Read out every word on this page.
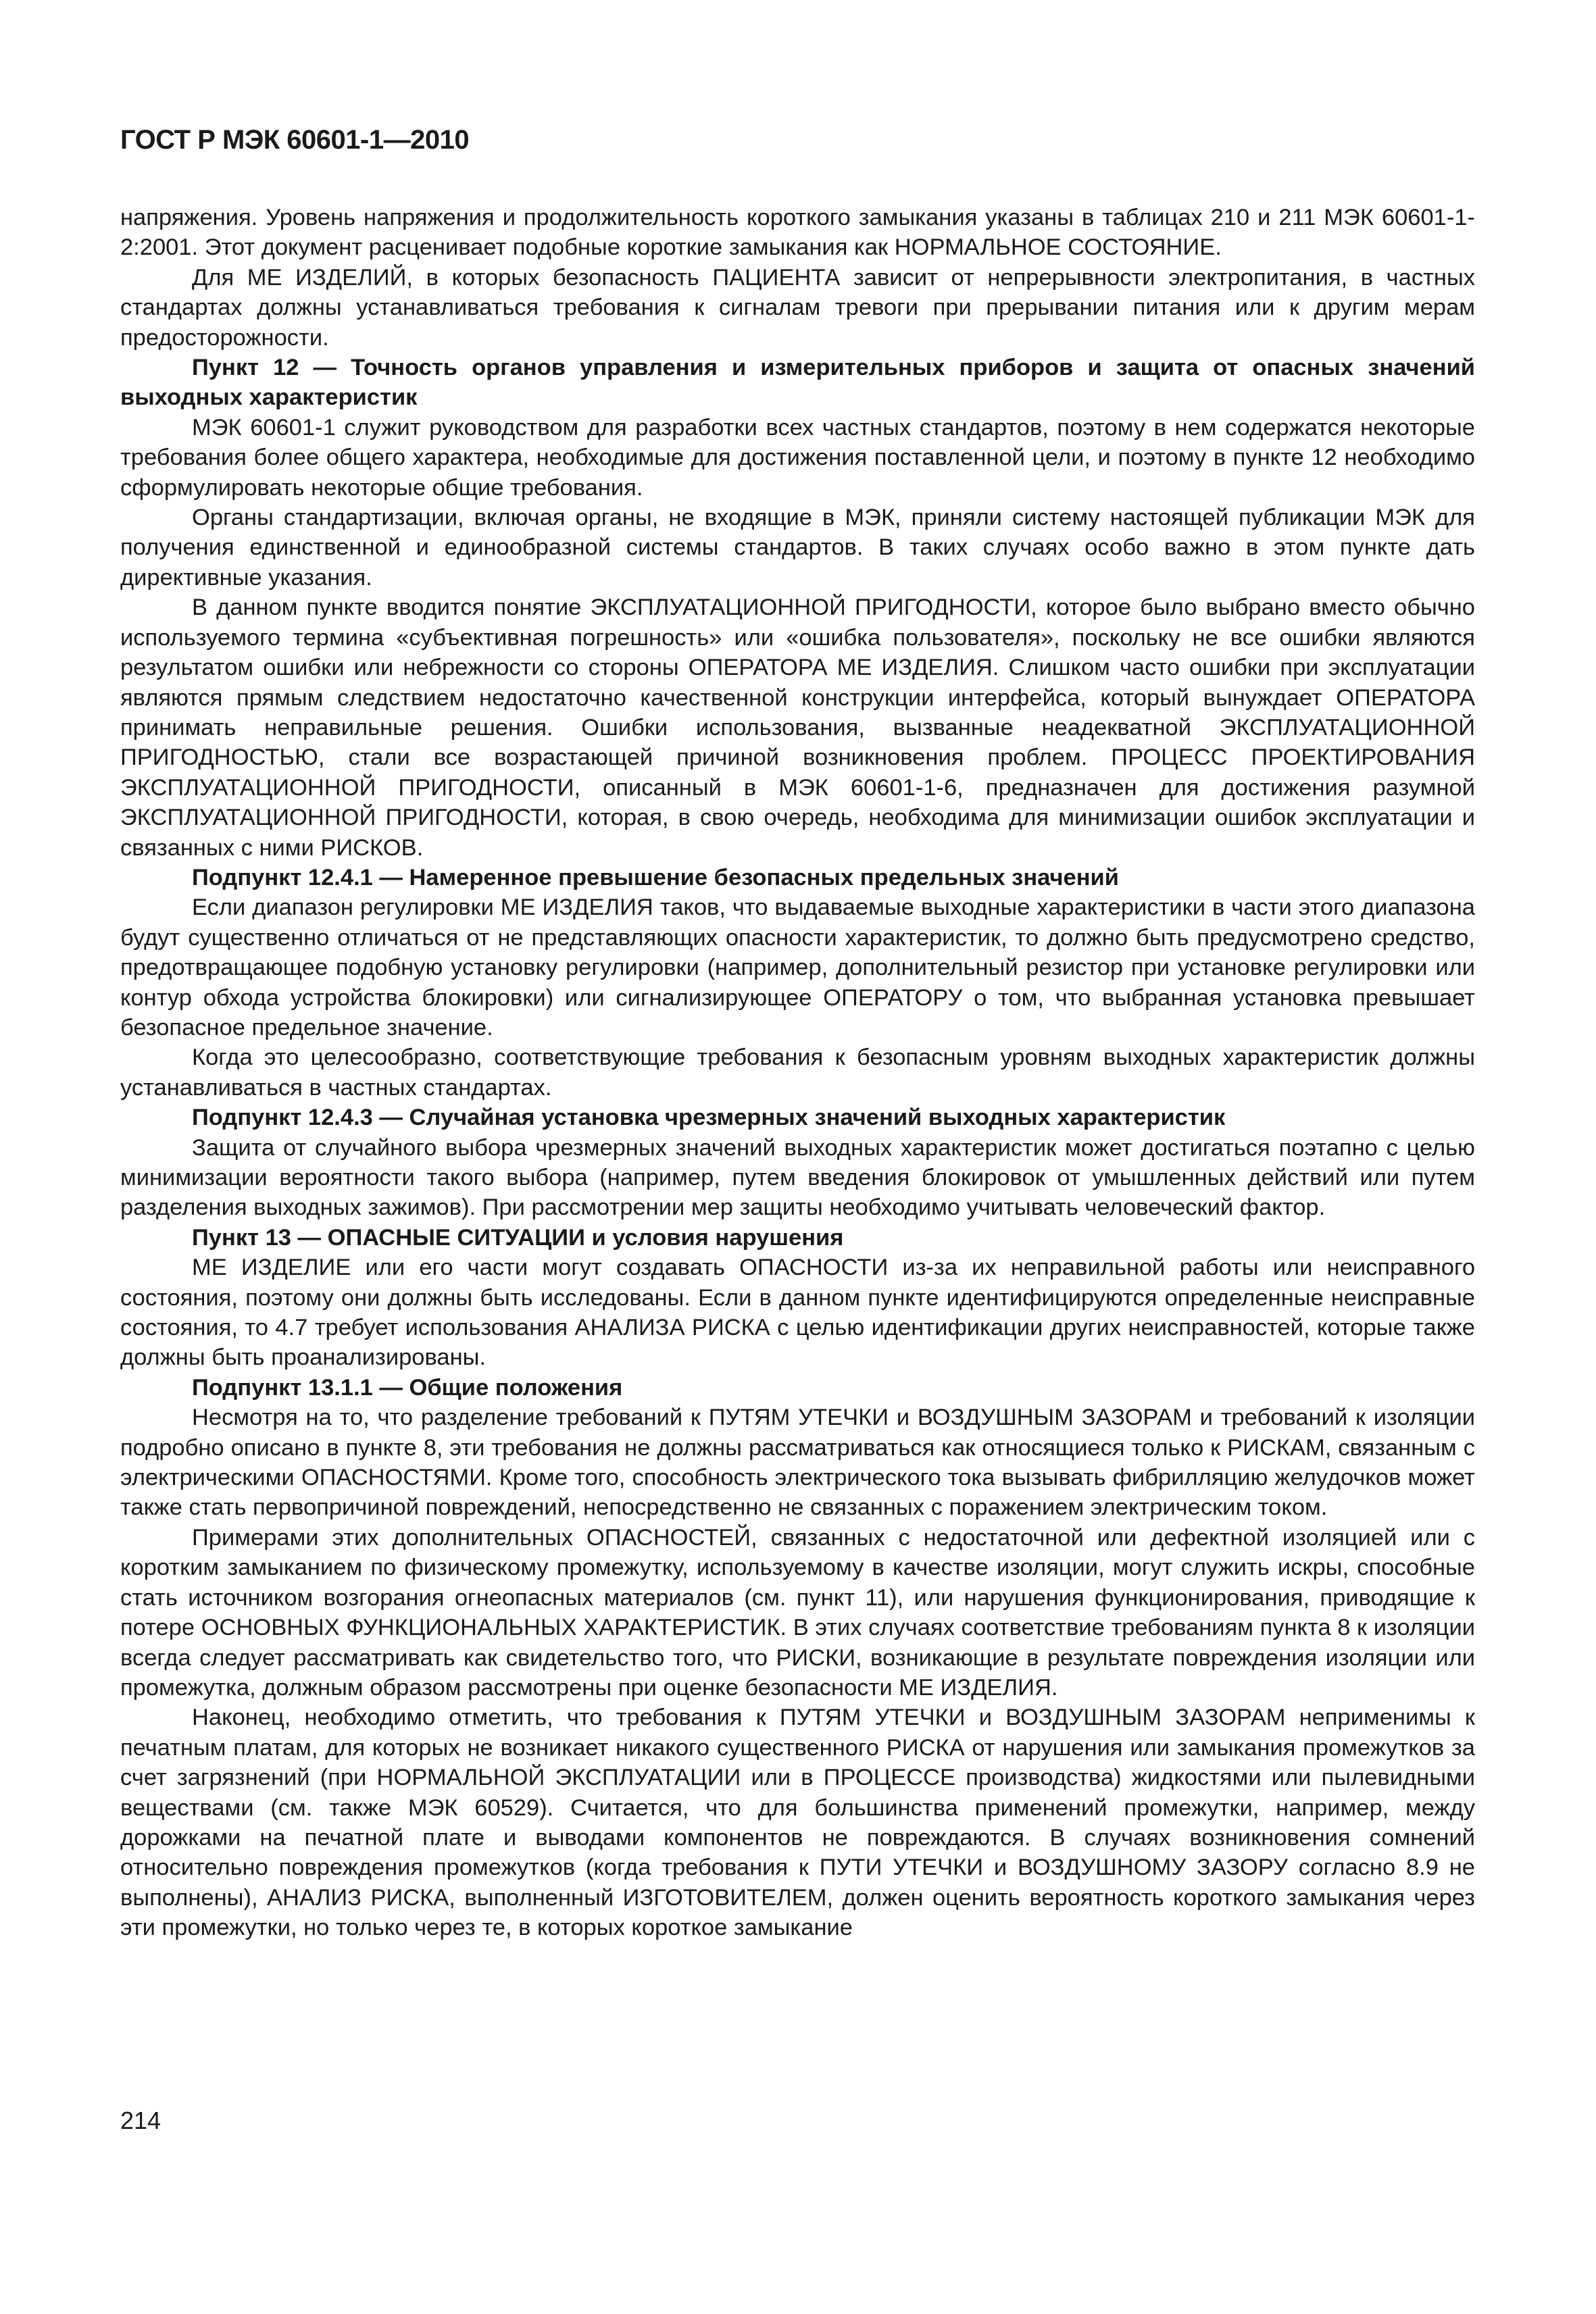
ГОСТ Р МЭК 60601-1—2010

напряжения. Уровень напряжения и продолжительность короткого замыкания указаны в таблицах 210 и 211 МЭК 60601-1-2:2001. Этот документ расценивает подобные короткие замыкания как НОРМАЛЬНОЕ СОСТОЯНИЕ.

Для ME ИЗДЕЛИЙ, в которых безопасность ПАЦИЕНТА зависит от непрерывности электропитания, в частных стандартах должны устанавливаться требования к сигналам тревоги при прерывании питания или к другим мерам предосторожности.

Пункт 12 — Точность органов управления и измерительных приборов и защита от опасных значений выходных характеристик

МЭК 60601-1 служит руководством для разработки всех частных стандартов, поэтому в нем содержатся некоторые требования более общего характера, необходимые для достижения поставленной цели, и поэтому в пункте 12 необходимо сформулировать некоторые общие требования.

Органы стандартизации, включая органы, не входящие в МЭК, приняли систему настоящей публикации МЭК для получения единственной и единообразной системы стандартов. В таких случаях особо важно в этом пункте дать директивные указания.

В данном пункте вводится понятие ЭКСПЛУАТАЦИОННОЙ ПРИГОДНОСТИ, которое было выбрано вместо обычно используемого термина «субъективная погрешность» или «ошибка пользователя», поскольку не все ошибки являются результатом ошибки или небрежности со стороны ОПЕРАТОРА ME ИЗДЕЛИЯ. Слишком часто ошибки при эксплуатации являются прямым следствием недостаточно качественной конструкции интерфейса, который вынуждает ОПЕРАТОРА принимать неправильные решения. Ошибки использования, вызванные неадекватной ЭКСПЛУАТАЦИОННОЙ ПРИГОДНОСТЬЮ, стали все возрастающей причиной возникновения проблем. ПРОЦЕСС ПРОЕКТИРОВАНИЯ ЭКСПЛУАТАЦИОННОЙ ПРИГОДНОСТИ, описанный в МЭК 60601-1-6, предназначен для достижения разумной ЭКСПЛУАТАЦИОННОЙ ПРИГОДНОСТИ, которая, в свою очередь, необходима для минимизации ошибок эксплуатации и связанных с ними РИСКОВ.

Подпункт 12.4.1 — Намеренное превышение безопасных предельных значений

Если диапазон регулировки ME ИЗДЕЛИЯ таков, что выдаваемые выходные характеристики в части этого диапазона будут существенно отличаться от не представляющих опасности характеристик, то должно быть предусмотрено средство, предотвращающее подобную установку регулировки (например, дополнительный резистор при установке регулировки или контур обхода устройства блокировки) или сигнализирующее ОПЕРАТОРУ о том, что выбранная установка превышает безопасное предельное значение.

Когда это целесообразно, соответствующие требования к безопасным уровням выходных характеристик должны устанавливаться в частных стандартах.

Подпункт 12.4.3 — Случайная установка чрезмерных значений выходных характеристик

Защита от случайного выбора чрезмерных значений выходных характеристик может достигаться поэтапно с целью минимизации вероятности такого выбора (например, путем введения блокировок от умышленных действий или путем разделения выходных зажимов). При рассмотрении мер защиты необходимо учитывать человеческий фактор.

Пункт 13 — ОПАСНЫЕ СИТУАЦИИ и условия нарушения

ME ИЗДЕЛИЕ или его части могут создавать ОПАСНОСТИ из-за их неправильной работы или неисправного состояния, поэтому они должны быть исследованы. Если в данном пункте идентифицируются определенные неисправные состояния, то 4.7 требует использования АНАЛИЗА РИСКА с целью идентификации других неисправностей, которые также должны быть проанализированы.

Подпункт 13.1.1 — Общие положения

Несмотря на то, что разделение требований к ПУТЯМ УТЕЧКИ и ВОЗДУШНЫМ ЗАЗОРАМ и требований к изоляции подробно описано в пункте 8, эти требования не должны рассматриваться как относящиеся только к РИСКАМ, связанным с электрическими ОПАСНОСТЯМИ. Кроме того, способность электрического тока вызывать фибрилляцию желудочков может также стать первопричиной повреждений, непосредственно не связанных с поражением электрическим током.

Примерами этих дополнительных ОПАСНОСТЕЙ, связанных с недостаточной или дефектной изоляцией или с коротким замыканием по физическому промежутку, используемому в качестве изоляции, могут служить искры, способные стать источником возгорания огнеопасных материалов (см. пункт 11), или нарушения функционирования, приводящие к потере ОСНОВНЫХ ФУНКЦИОНАЛЬНЫХ ХАРАКТЕРИСТИК. В этих случаях соответствие требованиям пункта 8 к изоляции всегда следует рассматривать как свидетельство того, что РИСКИ, возникающие в результате повреждения изоляции или промежутка, должным образом рассмотрены при оценке безопасности ME ИЗДЕЛИЯ.

Наконец, необходимо отметить, что требования к ПУТЯМ УТЕЧКИ и ВОЗДУШНЫМ ЗАЗОРАМ неприменимы к печатным платам, для которых не возникает никакого существенного РИСКА от нарушения или замыкания промежутков за счет загрязнений (при НОРМАЛЬНОЙ ЭКСПЛУАТАЦИИ или в ПРОЦЕССЕ производства) жидкостями или пылевидными веществами (см. также МЭК 60529). Считается, что для большинства применений промежутки, например, между дорожками на печатной плате и выводами компонентов не повреждаются. В случаях возникновения сомнений относительно повреждения промежутков (когда требования к ПУТИ УТЕЧКИ и ВОЗДУШНОМУ ЗАЗОРУ согласно 8.9 не выполнены), АНАЛИЗ РИСКА, выполненный ИЗГОТОВИТЕЛЕМ, должен оценить вероятность короткого замыкания через эти промежутки, но только через те, в которых короткое замыкание

214
